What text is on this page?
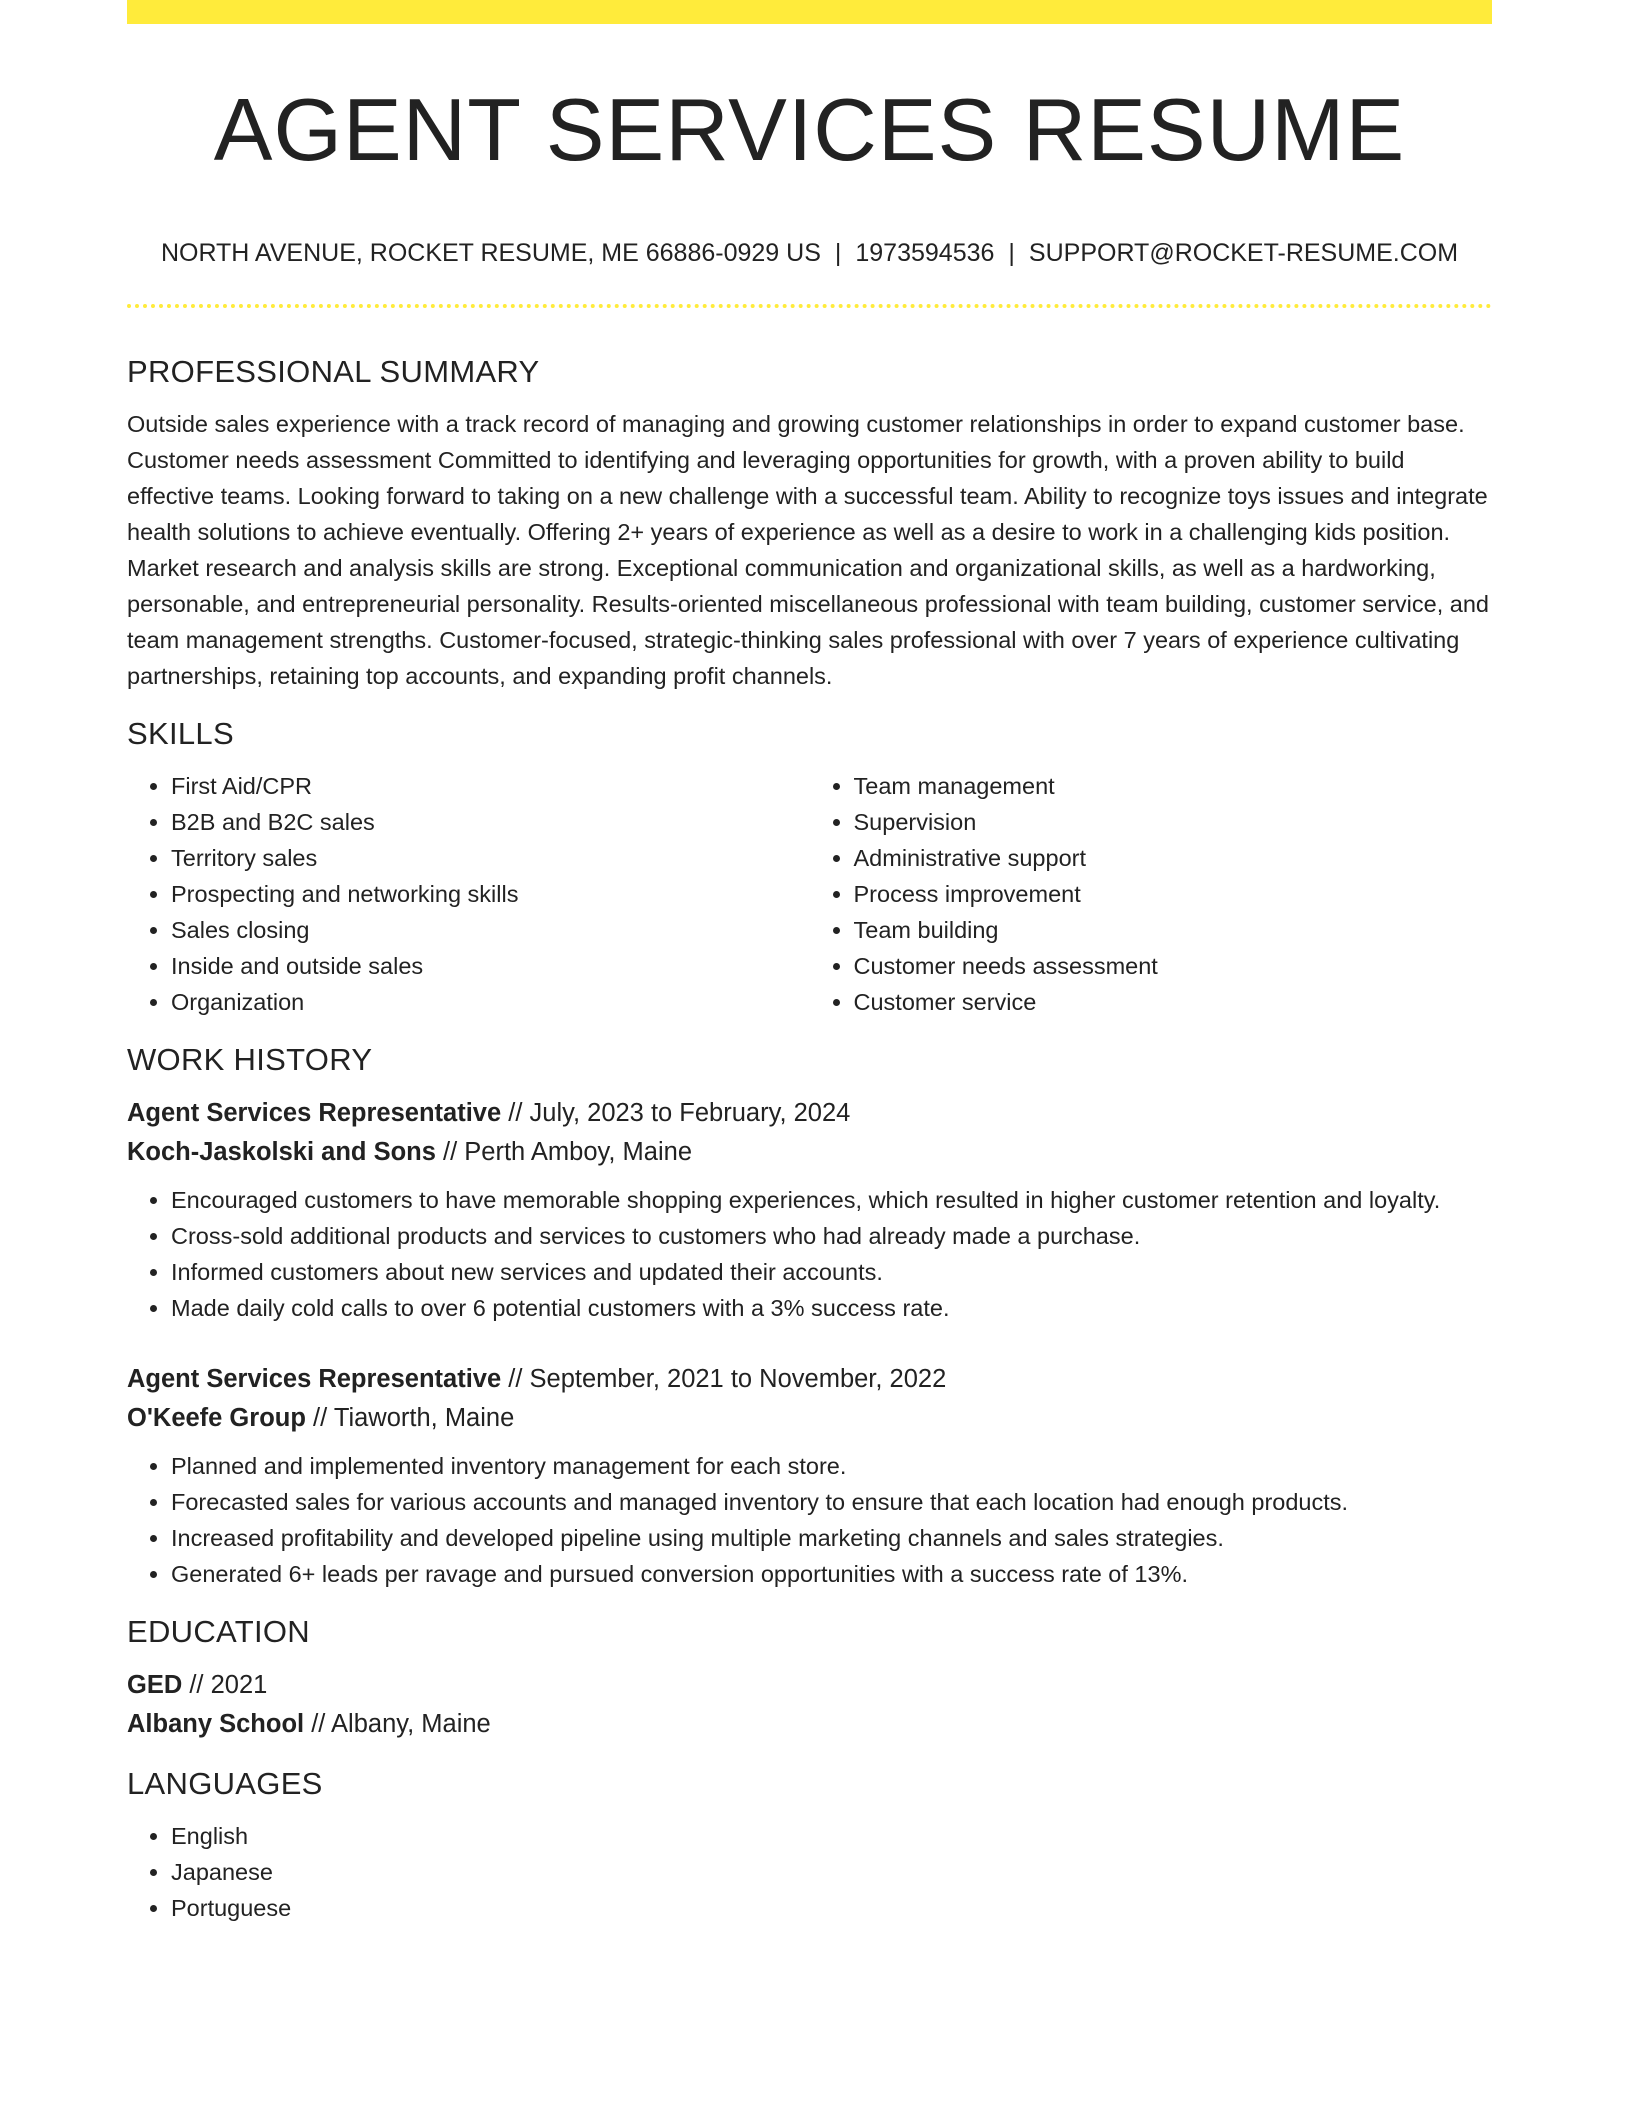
AGENT SERVICES RESUME
NORTH AVENUE, ROCKET RESUME, ME 66886-0929 US | 1973594536 | SUPPORT@ROCKET-RESUME.COM
PROFESSIONAL SUMMARY

Outside sales experience with a track record of managing and growing customer relationships in order to expand customer base. Customer needs assessment Committed to identifying and leveraging opportunities for growth, with a proven ability to build effective teams. Looking forward to taking on a new challenge with a successful team. Ability to recognize toys issues and integrate health solutions to achieve eventually. Offering 2+ years of experience as well as a desire to work in a challenging kids position. Market research and analysis skills are strong. Exceptional communication and organizational skills, as well as a hardworking, personable, and entrepreneurial personality. Results-oriented miscellaneous professional with team building, customer service, and team management strengths. Customer-focused, strategic-thinking sales professional with over 7 years of experience cultivating partnerships, retaining top accounts, and expanding profit channels.

SKILLS
• First Aid/CPR
• B2B and B2C sales
• Territory sales
• Prospecting and networking skills
• Sales closing
• Inside and outside sales
• Organization
• Team management
• Supervision
• Administrative support
• Process improvement
• Team building
• Customer needs assessment
• Customer service
WORK HISTORY
Agent Services Representative // July, 2023 to February, 2024
Koch-Jaskolski and Sons // Perth Amboy, Maine
• Encouraged customers to have memorable shopping experiences, which resulted in higher customer retention and loyalty.
• Cross-sold additional products and services to customers who had already made a purchase.
• Informed customers about new services and updated their accounts.
• Made daily cold calls to over 6 potential customers with a 3% success rate.
Agent Services Representative // September, 2021 to November, 2022
O'Keefe Group // Tiaworth, Maine
• Planned and implemented inventory management for each store.
• Forecasted sales for various accounts and managed inventory to ensure that each location had enough products.
• Increased profitability and developed pipeline using multiple marketing channels and sales strategies.
• Generated 6+ leads per ravage and pursued conversion opportunities with a success rate of 13%.
EDUCATION
GED // 2021
Albany School // Albany, Maine
LANGUAGES
• English
• Japanese
• Portuguese
